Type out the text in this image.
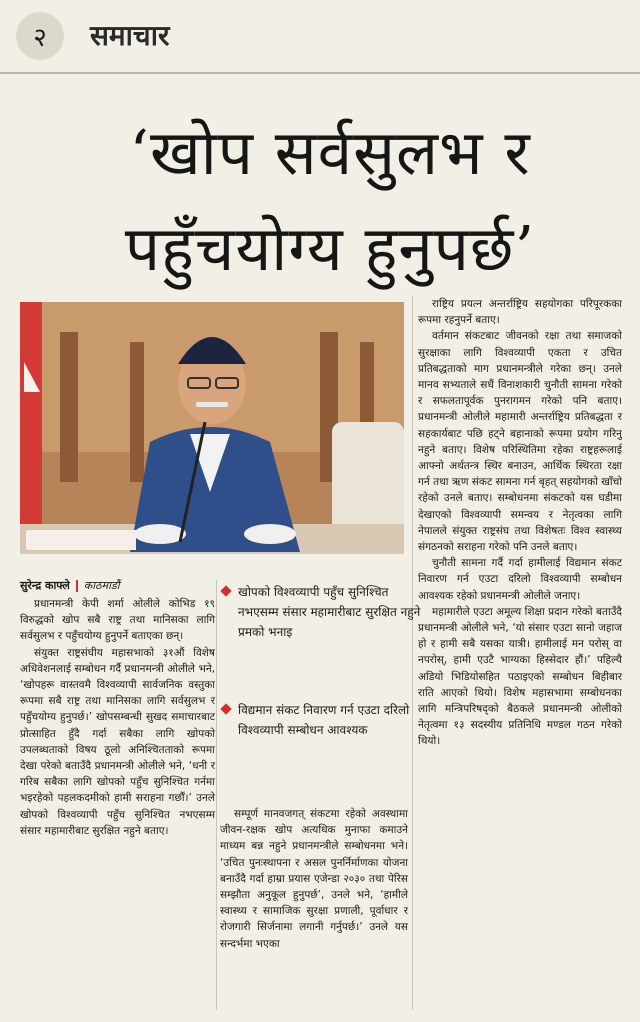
२	समाचार
‘खोप सर्वसुलभ र
पहुँचयोग्य हुनुपर्छ’
सुरेन्द्र काफ्ले काठमाडौं

प्रधानमन्त्री केपी शर्मा ओलीले कोभिड १९ विरुद्धको खोप सबै राष्ट्र तथा मानिसका लागि सर्वसुलभ र पहुँचयोग्य हुनुपर्ने बताएका छन्।

संयुक्त राष्ट्रसंघीय महासभाको ३१औं विशेष अधिवेशनलाई सम्बोधन गर्दै प्रधानमन्त्री ओलीले भने, ‘खोपहरू वास्तवमै विश्वव्यापी सार्वजनिक वस्तुका रूपमा सबै राष्ट्र तथा मानिसका लागि सर्वसुलभ र पहुँचयोग्य हुनुपर्छ।’ खोपसम्बन्धी सुखद समाचारबाट प्रोत्साहित हुँदै गर्दा सबैका लागि खोपको उपलब्धताको विषय ठूलो अनिश्चितताको रूपमा देखा परेको बताउँदै प्रधानमन्त्री ओलीले भने, ‘धनी र गरिब सबैका लागि खोपको पहुँच सुनिश्चित गर्नमा भइरहेको पहलकदमीको हामी सराहना गर्छौं।’ उनले खोपको विश्वव्यापी पहुँच सुनिश्चित नभएसम्म संसार महामारीबाट सुरक्षित नहुने बताए।

खोपको विश्वव्यापी पहुँच सुनिश्चित नभएसम्म संसार महामारीबाट सुरक्षित नहुने प्रमको भनाइ
विद्यमान संकट निवारण गर्न एउटा दरिलो विश्वव्यापी सम्बोधन आवश्यक

सम्पूर्ण मानवजगत् संकटमा रहेको अवस्थामा जीवन-रक्षक खोप अत्यधिक मुनाफा कमाउने माध्यम बन्न नहुने प्रधानमन्त्रीले सम्बोधनमा भने। ‘उचित पुनःस्थापना र असल पुनर्निर्माणका योजना बनाउँदै गर्दा हाम्रा प्रयास एजेन्डा २०३० तथा पेरिस सम्झौता अनुकूल हुनुपर्छ’, उनले भने, ‘हामीले स्वास्थ्य र सामाजिक सुरक्षा प्रणाली, पूर्वाधार र रोजगारी सिर्जनामा लगानी गर्नुपर्छ।’ उनले यस सन्दर्भमा भएका

राष्ट्रिय प्रयत्न अन्तर्राष्ट्रिय सहयोगका परिपूरकका रूपमा रहनुपर्ने बताए।

वर्तमान संकटबाट जीवनको रक्षा तथा समाजको सुरक्षाका लागि विश्वव्यापी एकता र उचित प्रतिबद्धताको माग प्रधानमन्त्रीले गरेका छन्। उनले मानव सभ्यताले सधैं विनाशकारी चुनौती सामना गरेको र सफलतापूर्वक पुनरागमन गरेको पनि बताए। प्रधानमन्त्री ओलीले महामारी अन्तर्राष्ट्रिय प्रतिबद्धता र सहकार्यबाट पछि हट्ने बहानाको रूपमा प्रयोग गरिनु नहुने बताए। विशेष परिस्थितिमा रहेका राष्ट्रहरूलाई आफ्नो अर्थतन्त्र स्थिर बनाउन, आर्थिक स्थिरता रक्षा गर्न तथा ऋण संकट सामना गर्न बृहत् सहयोगको खाँचो रहेको उनले बताए। सम्बोधनमा संकटको यस घडीमा देखाएको विश्वव्यापी समन्वय र नेतृत्वका लागि नेपालले संयुक्त राष्ट्रसंघ तथा विशेषतः विश्व स्वास्थ्य संगठनको सराहना गरेको पनि उनले बताए।

चुनौती सामना गर्दै गर्दा हामीलाई विद्यमान संकट निवारण गर्न एउटा दरिलो विश्वव्यापी सम्बोधन आवश्यक रहेको प्रधानमन्त्री ओलीले जनाए।

महामारीले एउटा अमूल्य शिक्षा प्रदान गरेको बताउँदै प्रधानमन्त्री ओलीले भने, ‘यो संसार एउटा सानो जहाज हो र हामी सबै यसका यात्री। हामीलाई मन परोस् वा नपरोस्, हामी एउटै भाग्यका हिस्सेदार हौं।’ पहिल्यै अडियो भिडियोसहित पठाइएको सम्बोधन बिहीबार राति आएको थियो। विशेष महासभामा सम्बोधनका लागि मन्त्रिपरिषद्को बैठकले प्रधानमन्त्री ओलीको नेतृत्वमा १३ सदस्यीय प्रतिनिधि मण्डल गठन गरेको थियो।
